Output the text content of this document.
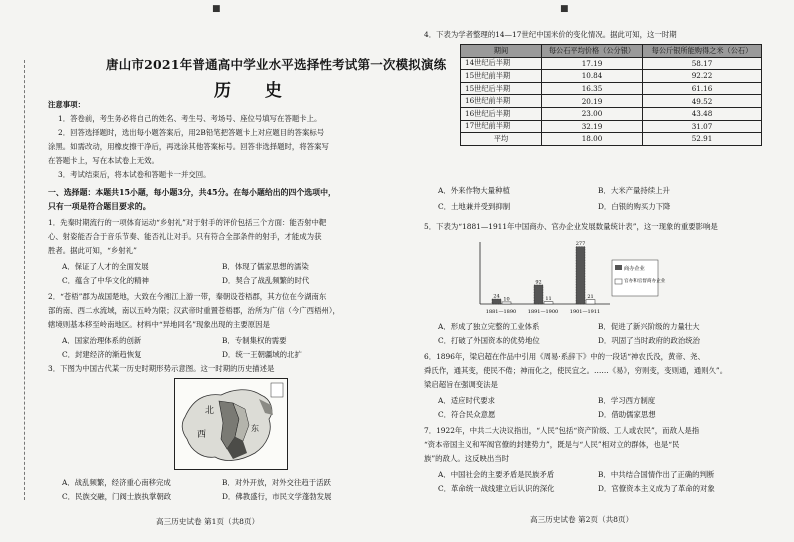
■	■
唐山市2021年普通高中学业水平选择性考试第一次模拟演练
历 史
注意事项：
1．答卷前，考生务必将自己的姓名、考生号、考场号、座位号填写在答题卡上。
2．回答选择题时，选出每小题答案后，用2B铅笔把答题卡上对应题目的答案标号
涂黑。如需改动，用橡皮擦干净后，再选涂其他答案标号。回答非选择题时，将答案写
在答题卡上，写在本试卷上无效。
3．考试结束后，将本试卷和答题卡一并交回。
一、选择题：本题共15小题，每小题3分，共45分。在每小题给出的四个选项中，
只有一项是符合题目要求的。
1．先秦时期流行的一项体育运动“乡射礼”对于射手的评价包括三个方面：能否射中靶
心、射姿能否合于音乐节奏、能否礼让对手。只有符合全部条件的射手，才能成为获
胜者。据此可知，“乡射礼”
A．保证了人才的全面发展	B．体现了儒家思想的濡染
C．蕴含了中华文化的精神	D．契合了战乱频繁的时代
2．“苍梧”郡为战国楚地，大致在今湘江上游一带，秦朝设苍梧郡，其方位在今湖南东
部的南、西二水流域，南以五岭为限；汉武帝时重置苍梧郡，治所为广信（今广西梧州），
辖境则基本移至岭南地区。材料中“异地同名”现象出现的主要原因是
A．国家治理体系的创新	B．专制集权的需要
C．封建经济的渐趋恢复	D．统一王朝疆域的北扩
3．下图为中国古代某一历史时期形势示意图。这一时期的历史描述是
北
西
东
A．战乱频繁，经济重心南移完成	B．对外开放，对外交往趋于活跃
C．民族交融，门阀士族执掌朝政	D．佛教盛行，市民文学蓬勃发展
高三历史试卷 第1页（共8页）
4．下表为学者整理的14—17世纪中国米价的变化情况。据此可知，这一时期
期间	每公石平均价格（公分银）	每公斤银所能购得之米（公石）
14世纪后半期	17.19	58.17
15世纪前半期	10.84	92.22
15世纪后半期	16.35	61.16
16世纪前半期	20.19	49.52
16世纪后半期	23.00	43.48
17世纪前半期	32.19	31.07
平均	18.00	52.91
A．外来作物大量种植	B．大米产量持续上升
C．土地兼并受到抑制	D．白银的购买力下降
5．下表为“1881—1911年中国商办、官办企业发展数量统计表”，这一现象的重要影响是
24 10
92
11
277
21
商办企业
官办和官督商办企业
1881—1890 1891—1900 1901—1911
A．形成了独立完整的工业体系	B．促进了新兴阶级的力量壮大
C．打破了外国资本的优势地位	D．巩固了当时政府的政治统治
6．1896年，梁启超在作品中引用《周易·系辞下》中的一段话“神农氏没，黄帝、尧、
舜氏作，通其变，使民不倦；神而化之，使民宜之。……《易》，穷则变，变则通，通则久”。
梁启超旨在强调变法是
A．适应时代要求	B．学习西方制度
C．符合民众意愿	D．借助儒家思想
7．1922年，中共二大决议指出，“人民”包括“资产阶级、工人或农民”，而敌人是指
“资本帝国主义和军阀官僚的封建势力”，既是与“人民”相对立的群体，也是“民
族”的敌人。这反映出当时
A．中国社会的主要矛盾是民族矛盾	B．中共结合国情作出了正确的判断
C．革命统一战线建立后认识的深化	D．官僚资本主义成为了革命的对象
高三历史试卷 第2页（共8页）
